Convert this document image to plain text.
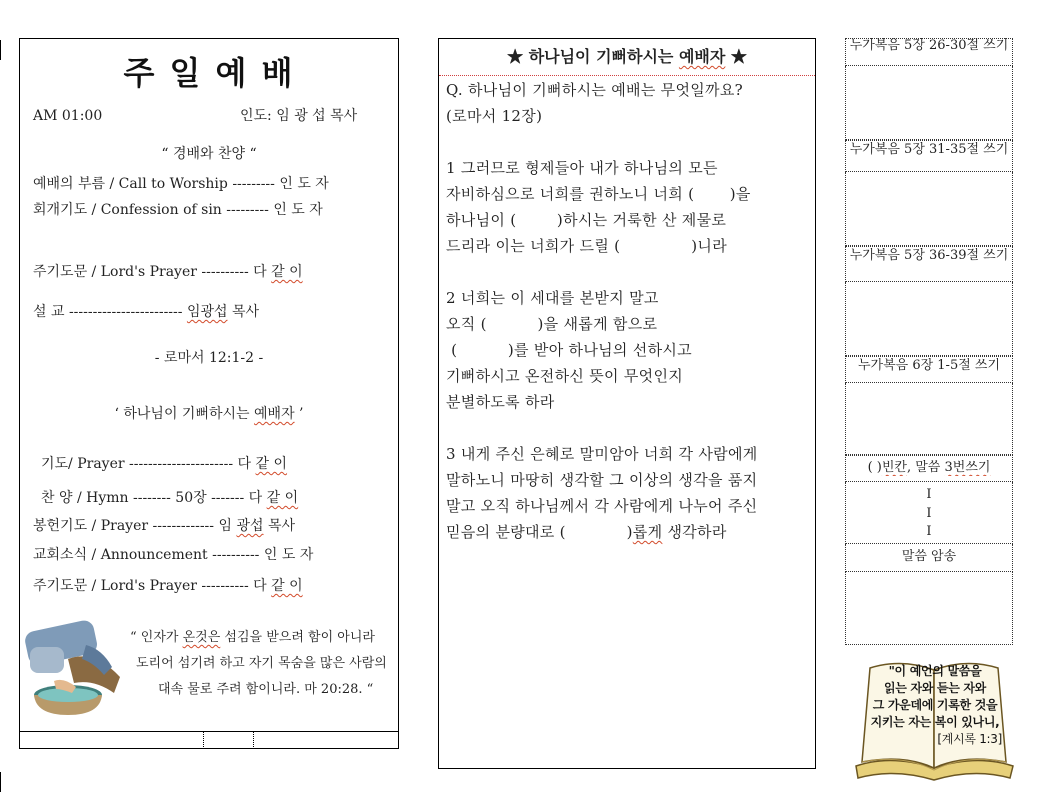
주 일 예 배
AM 01:00	인도: 임 광 섭 목사
“ 경배와 찬양 “
예배의 부름 / Call to Worship --------- 인 도 자
회개기도 / Confession of sin --------- 인 도 자
주기도문 / Lord's Prayer ---------- 다 같 이
설 교 ------------------------ 임광섭 목사
- 로마서 12:1-2 -
‘ 하나님이 기뻐하시는 예배자 ’
기도/ Prayer ---------------------- 다 같 이
찬 양 / Hymn -------- 50장 ------- 다 같 이
봉헌기도 / Prayer ------------- 임 광섭 목사
교회소식 / Announcement ---------- 인 도 자
주기도문 / Lord's Prayer ---------- 다 같 이
“ 인자가 온것은 섬김을 받으려 함이 아니라
도리어 섬기려 하고 자기 목숨을 많은 사람의
대속 물로 주려 함이니라. 마 20:28. “
★ 하나님이 기뻐하시는 예배자 ★
Q. 하나님이 기뻐하시는 예배는 무엇일까요?
(로마서 12장)
1 그러므로 형제들아 내가 하나님의 모든
자비하심으로 너희를 권하노니 너희 (       )을
하나님이 (        )하시는 거룩한 산 제물로
드리라 이는 너희가 드릴 (              )니라
2 너희는 이 세대를 본받지 말고
오직 (          )을 새롭게 함으로
(          )를 받아 하나님의 선하시고
기뻐하시고 온전하신 뜻이 무엇인지
분별하도록 하라
3 내게 주신 은혜로 말미암아 너희 각 사람에게
말하노니 마땅히 생각할 그 이상의 생각을 품지
말고 오직 하나님께서 각 사람에게 나누어 주신
믿음의 분량대로 (            )롭게 생각하라
누가복음 5장 26-30절 쓰기
누가복음 5장 31-35절 쓰기
누가복음 5장 36-39절 쓰기
누가복음 6장 1-5절 쓰기
( )빈칸, 말씀 3번쓰기
I
I
I
말씀 암송
"이 예언의 말씀을
읽는 자와 듣는 자와
그 가운데에 기록한 것을
지키는 자는 복이 있나니,
[계시록 1:3]
